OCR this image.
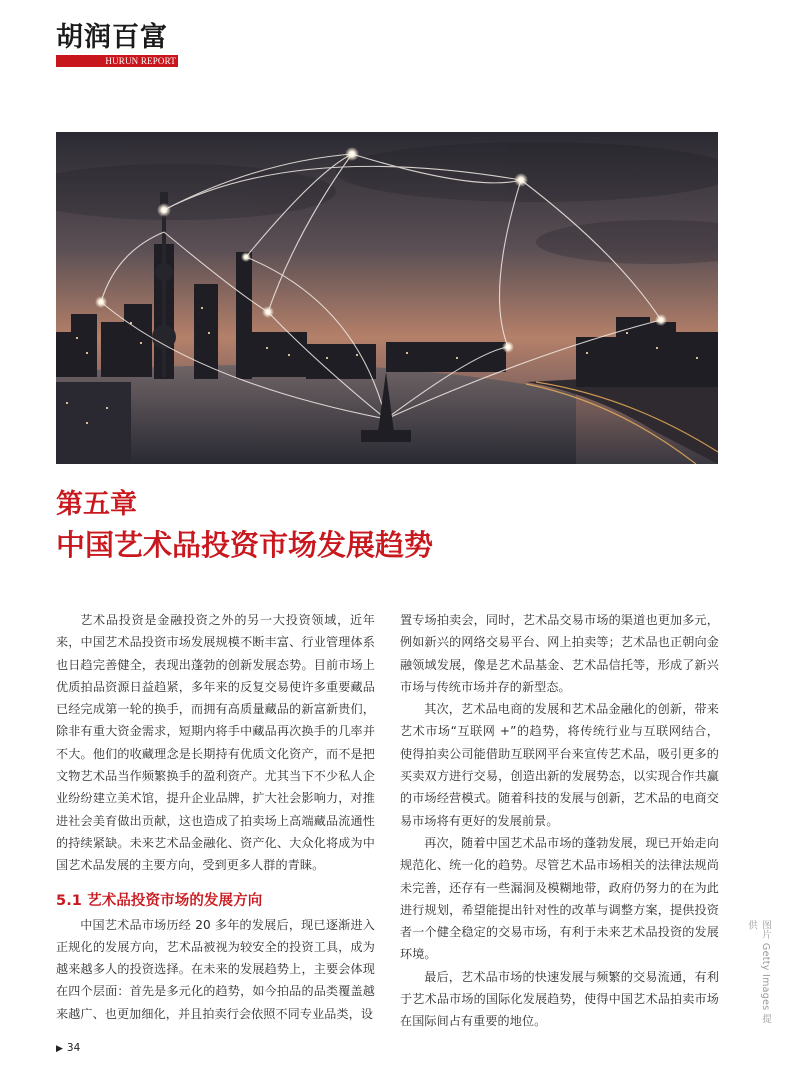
胡润百富
HURUN REPORT
第五章
中国艺术品投资市场发展趋势

艺术品投资是金融投资之外的另一大投资领域，近年来，中国艺术品投资市场发展规模不断丰富、行业管理体系也日趋完善健全，表现出蓬勃的创新发展态势。目前市场上优质拍品资源日益趋紧，多年来的反复交易使许多重要藏品已经完成第一轮的换手，而拥有高质量藏品的新富新贵们，除非有重大资金需求，短期内将手中藏品再次换手的几率并不大。他们的收藏理念是长期持有优质文化资产，而不是把文物艺术品当作频繁换手的盈利资产。尤其当下不少私人企业纷纷建立美术馆，提升企业品牌，扩大社会影响力，对推进社会美育做出贡献，这也造成了拍卖场上高端藏品流通性的持续紧缺。未来艺术品金融化、资产化、大众化将成为中国艺术品发展的主要方向，受到更多人群的青睐。

5.1 艺术品投资市场的发展方向

中国艺术品市场历经 20 多年的发展后，现已逐渐进入正规化的发展方向，艺术品被视为较安全的投资工具，成为越来越多人的投资选择。在未来的发展趋势上，主要会体现在四个层面：首先是多元化的趋势，如今拍品的品类覆盖越来越广、也更加细化，并且拍卖行会依照不同专业品类，设

置专场拍卖会，同时，艺术品交易市场的渠道也更加多元，例如新兴的网络交易平台、网上拍卖等；艺术品也正朝向金融领域发展，像是艺术品基金、艺术品信托等，形成了新兴市场与传统市场并存的新型态。

其次，艺术品电商的发展和艺术品金融化的创新，带来艺术市场“互联网 +”的趋势，将传统行业与互联网结合，使得拍卖公司能借助互联网平台来宣传艺术品，吸引更多的买卖双方进行交易，创造出新的发展势态，以实现合作共赢的市场经营模式。随着科技的发展与创新，艺术品的电商交易市场将有更好的发展前景。

再次，随着中国艺术品市场的蓬勃发展，现已开始走向规范化、统一化的趋势。尽管艺术品市场相关的法律法规尚未完善，还存有一些漏洞及模糊地带，政府仍努力的在为此进行规划，希望能提出针对性的改革与调整方案，提供投资者一个健全稳定的交易市场，有利于未来艺术品投资的发展环境。

最后，艺术品市场的快速发展与频繁的交易流通，有利于艺术品市场的国际化发展趋势，使得中国艺术品拍卖市场在国际间占有重要的地位。	图片 Getty Images 提供
▶ 34
